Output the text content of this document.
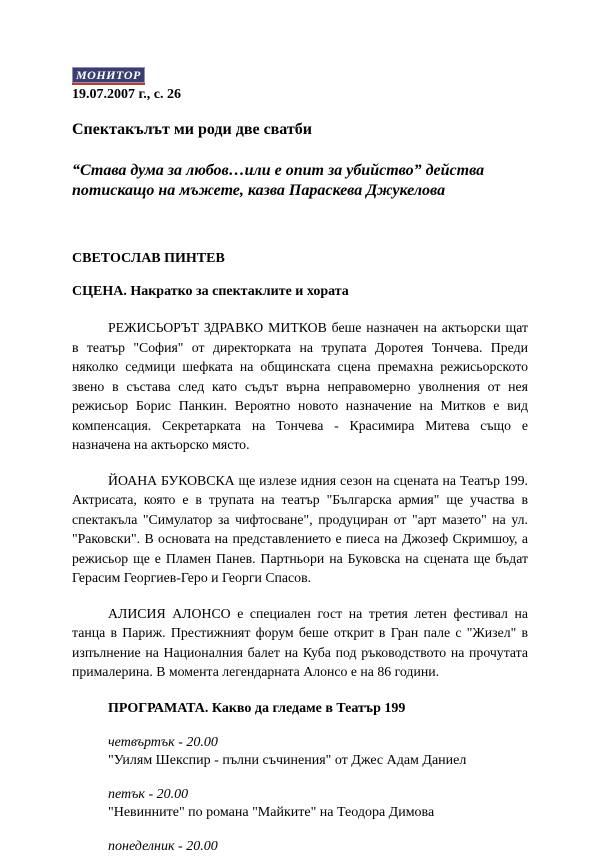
МОНИТОР
19.07.2007 г., с. 26
Спектакълът ми роди две сватби
“Става дума за любов…или е опит за убийство” действа потискащо на мъжете, казва Параскева Джукелова
СВЕТОСЛАВ ПИНТЕВ
СЦЕНА. Накратко за спектаклите и хората
РЕЖИСЬОРЪТ ЗДРАВКО МИТКОВ беше назначен на актьорски щат в театър "София" от директорката на трупата Доротея Тончева. Преди няколко седмици шефката на общинската сцена премахна режисьорското звено в състава след като съдът върна неправомерно уволнения от нея режисьор Борис Панкин. Вероятно новото назначение на Митков е вид компенсация. Секретарката на Тончева - Красимира Митева също е назначена на актьорско място.
ЙОАНА БУКОВСКА ще излезе идния сезон на сцената на Театър 199. Актрисата, която е в трупата на театър "Българска армия" ще участва в спектакъла "Симулатор за чифтосване", продуциран от "арт мазето" на ул. "Раковски". В основата на представлението е пиеса на Джозеф Скримшоу, а режисьор ще е Пламен Панев. Партньори на Буковска на сцената ще бъдат Герасим Георгиев-Геро и Георги Спасов.
АЛИСИЯ АЛОНСО е специален гост на третия летен фестивал на танца в Париж. Престижният форум беше открит в Гран пале с "Жизел" в изпълнение на Националния балет на Куба под ръководството на прочутата прималерина. В момента легендарната Алонсо е на 86 години.
ПРОГРАМАТА. Какво да гледаме в Театър 199
четвъртък - 20.00
"Уилям Шекспир - пълни съчинения" от Джес Адам Даниел
петък - 20.00
"Невинните" по романа "Майките" на Теодора Димова
понеделник - 20.00
